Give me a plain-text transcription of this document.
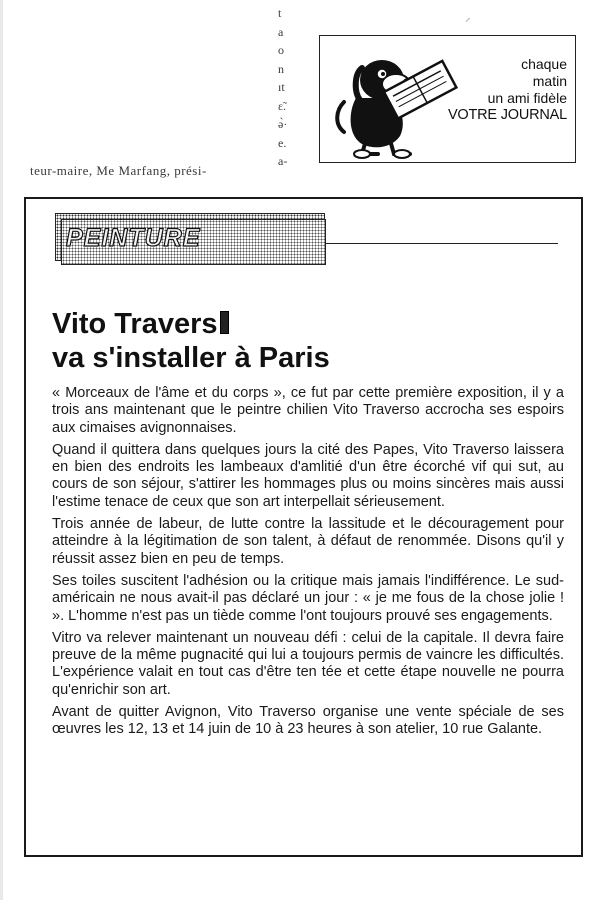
t
a
o
n
ıt
ɛ̃.
ə̀·
e.
a-
teur-maire, Me Marfang, prési-
⸝
chaque
matin
un ami fidèle
VOTRE JOURNAL
PEINTURE
Vito Travers
va s'installer à Paris

« Morceaux de l'âme et du corps », ce fut par cette première exposition, il y a trois ans maintenant que le peintre chilien Vito Traverso accrocha ses espoirs aux cimaises avignonnaises.

Quand il quittera dans quelques jours la cité des Papes, Vito Traverso laissera en bien des endroits les lambeaux d'amlitié d'un être écorché vif qui sut, au cours de son séjour, s'attirer les hommages plus ou moins sincères mais aussi l'estime tenace de ceux que son art interpellait sérieusement.

Trois année de labeur, de lutte contre la lassitude et le découragement pour atteindre à la légitimation de son talent, à défaut de renommée. Disons qu'il y réussit assez bien en peu de temps.

Ses toiles suscitent l'adhésion ou la critique mais jamais l'indifférence. Le sud-américain ne nous avait-il pas déclaré un jour : « je me fous de la chose jolie ! ». L'homme n'est pas un tiède comme l'ont toujours prouvé ses engagements.

Vitro va relever maintenant un nouveau défi : celui de la capitale. Il devra faire preuve de la même pugnacité qui lui a toujours permis de vaincre les difficultés. L'expérience valait en tout cas d'être ten tée et cette étape nouvelle ne pourra qu'enrichir son art.

Avant de quitter Avignon, Vito Traverso organise une vente spéciale de ses œuvres les 12, 13 et 14 juin de 10 à 23 heures à son atelier, 10 rue Galante.
